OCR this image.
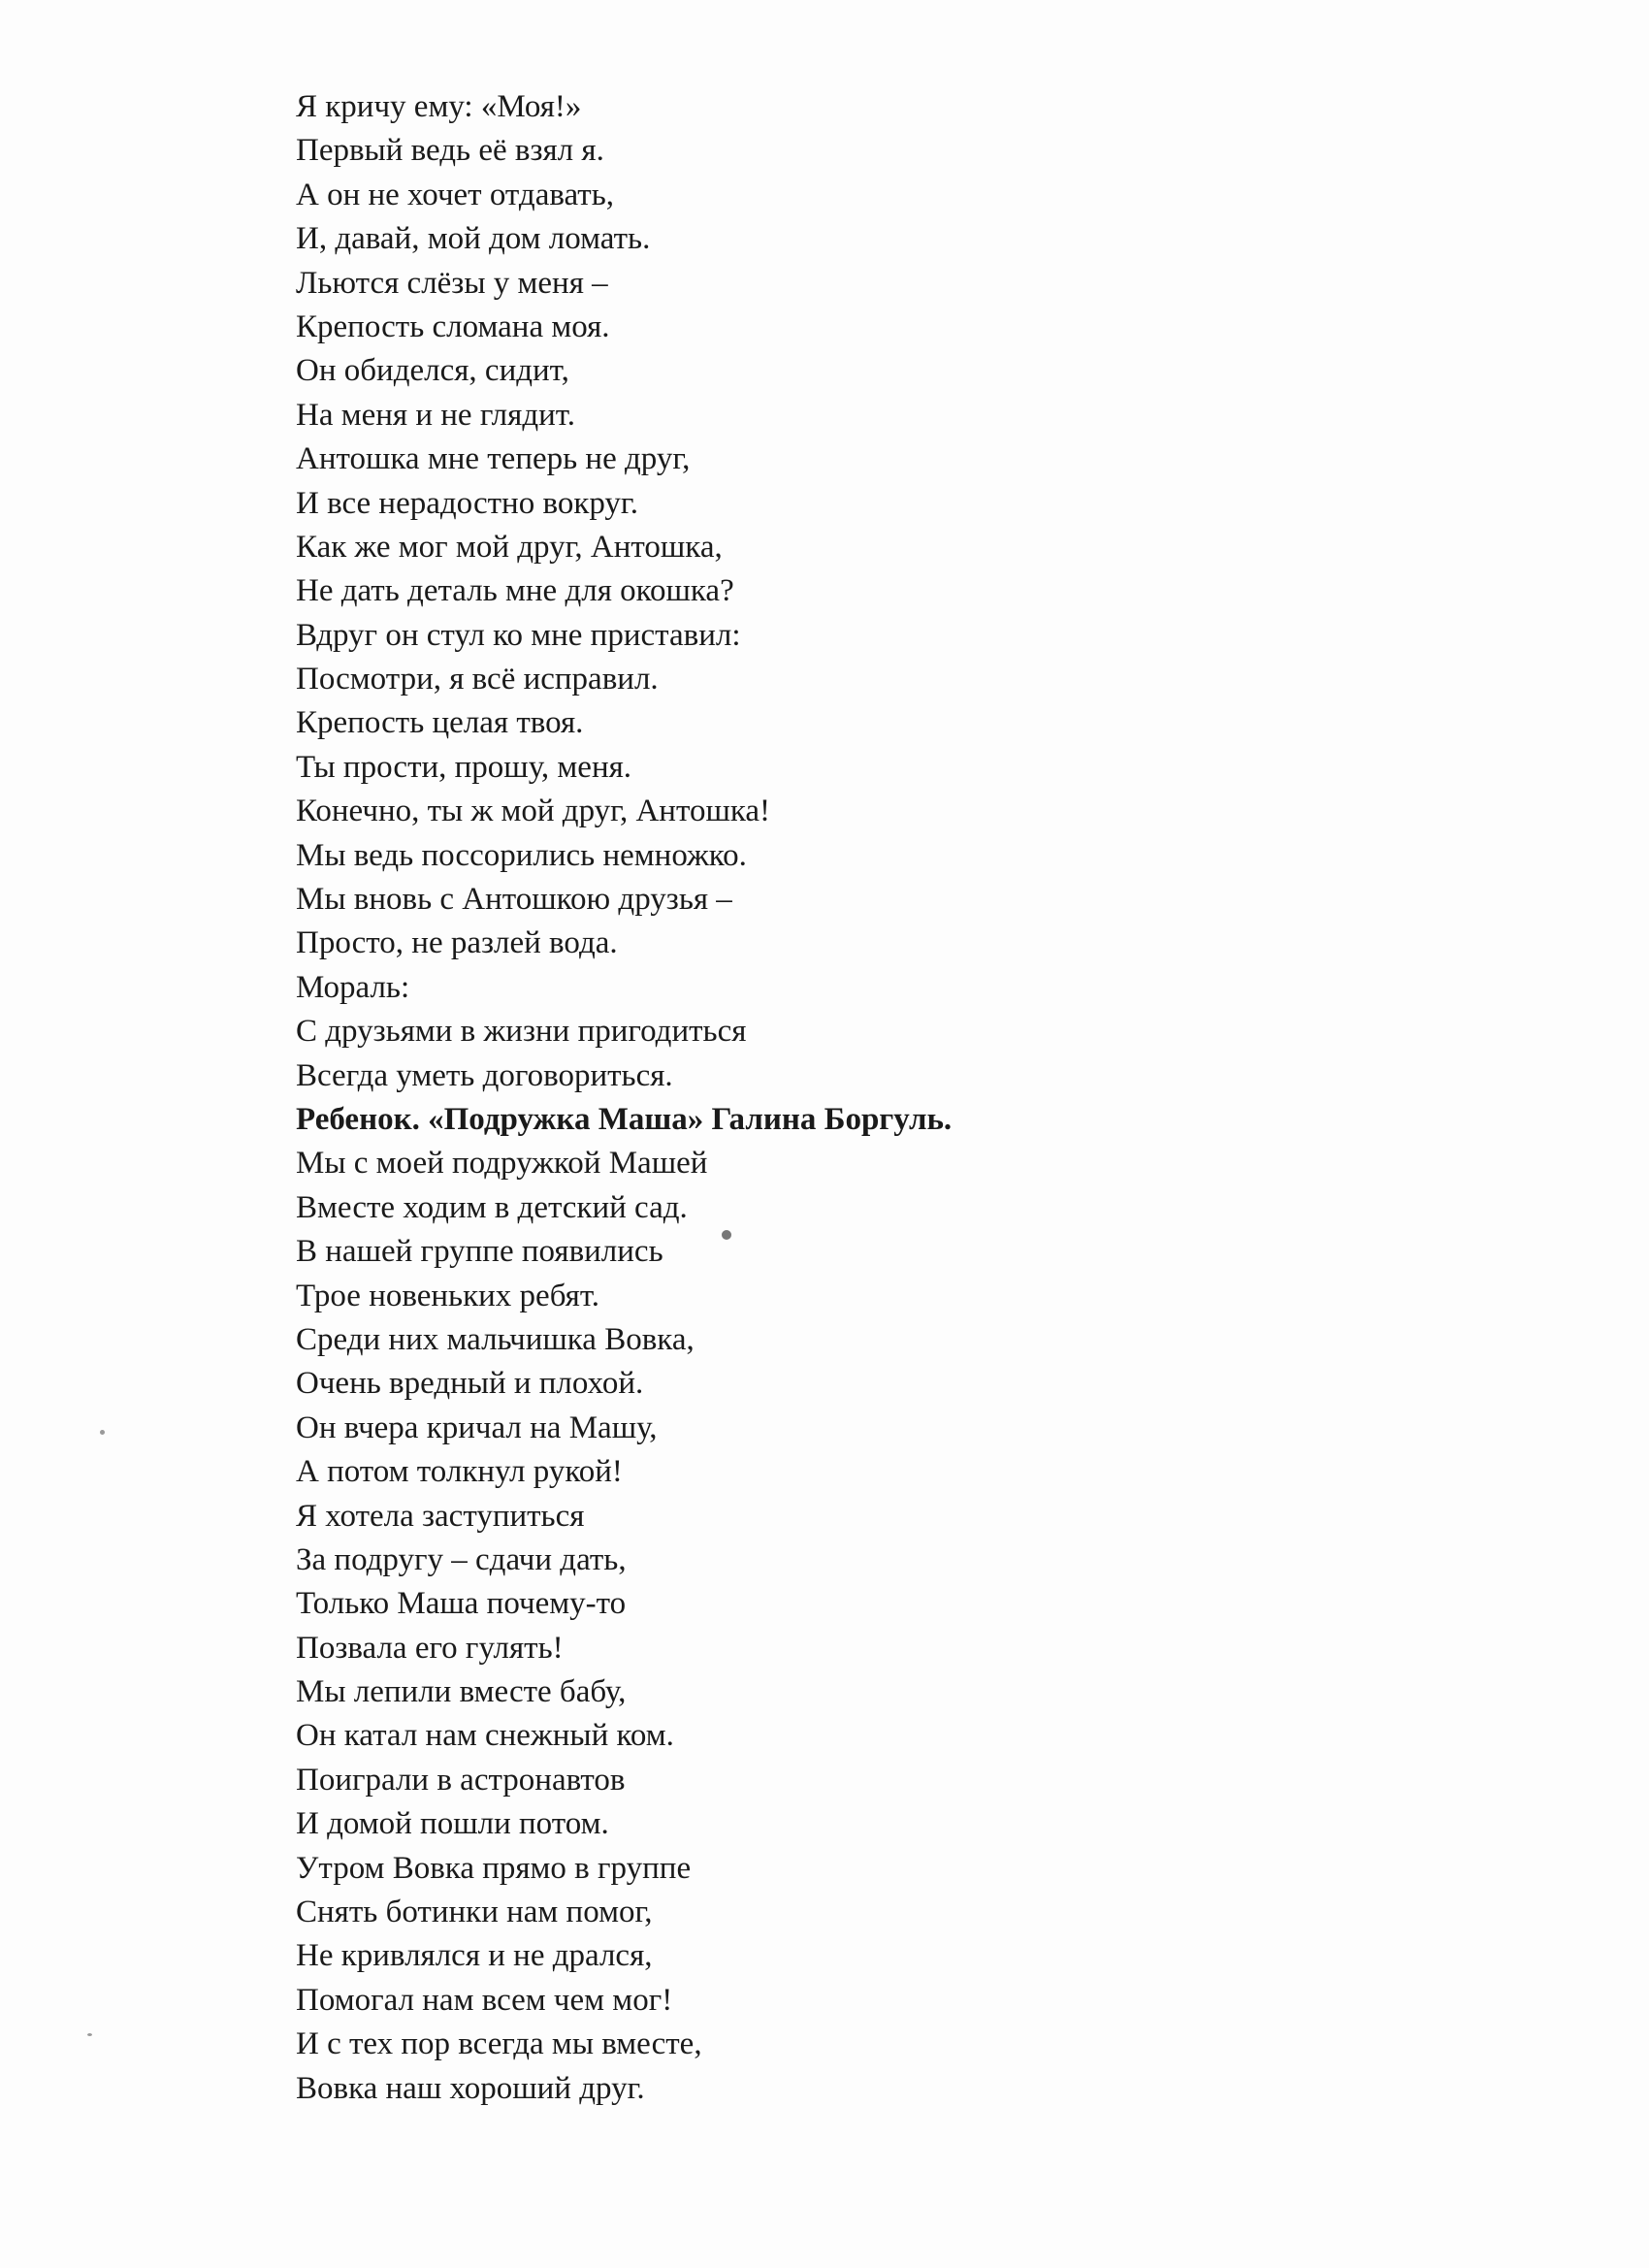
Я кричу ему: «Моя!»
Первый ведь её взял я.
А он не хочет отдавать,
И, давай, мой дом ломать.
Льются слёзы у меня –
Крепость сломана моя.
Он обиделся, сидит,
На меня и не глядит.
Антошка мне теперь не друг,
И все нерадостно вокруг.
Как же мог мой друг, Антошка,
Не дать деталь мне для окошка?
Вдруг он стул ко мне приставил:
Посмотри, я всё исправил.
Крепость целая твоя.
Ты прости, прошу, меня.
Конечно, ты ж мой друг, Антошка!
Мы ведь поссорились немножко.
Мы вновь с Антошкою друзья –
Просто, не разлей вода.
Мораль:
С друзьями в жизни пригодиться
Всегда уметь договориться.
Ребенок. «Подружка Маша» Галина Боргуль.
Мы с моей подружкой Машей
Вместе ходим в детский сад.
В нашей группе появились
Трое новеньких ребят.
Среди них мальчишка Вовка,
Очень вредный и плохой.
Он вчера кричал на Машу,
А потом толкнул рукой!
Я хотела заступиться
За подругу – сдачи дать,
Только Маша почему-то
Позвала его гулять!
Мы лепили вместе бабу,
Он катал нам снежный ком.
Поиграли в астронавтов
И домой пошли потом.
Утром Вовка прямо в группе
Снять ботинки нам помог,
Не кривлялся и не дрался,
Помогал нам всем чем мог!
И с тех пор всегда мы вместе,
Вовка наш хороший друг.
